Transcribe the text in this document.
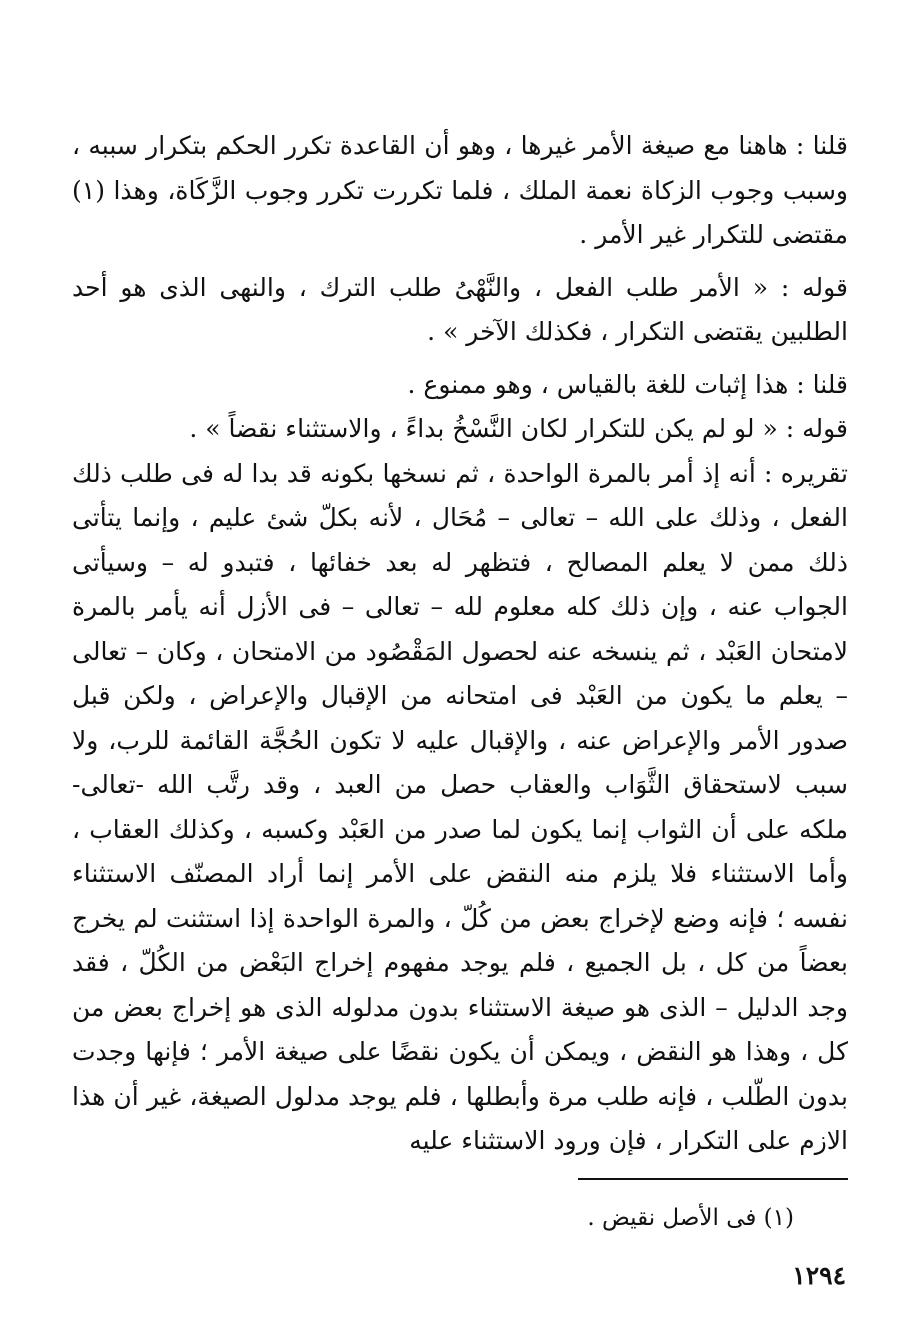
قلنا : هاهنا مع صيغة الأمر غيرها ، وهو أن القاعدة تكرر الحكم بتكرار سببه ، وسبب وجوب الزكاة نعمة الملك ، فلما تكررت تكرر وجوب الزَّكَاة، وهذا (١) مقتضى للتكرار غير الأمر .

قوله : « الأمر طلب الفعل ، والنَّهْىُ طلب الترك ، والنهى الذى هو أحد الطلبين يقتضى التكرار ، فكذلك الآخر » .

قلنا : هذا إثبات للغة بالقياس ، وهو ممنوع .

قوله : « لو لم يكن للتكرار لكان النَّسْخُ بداءً ، والاستثناء نقضاً » .

تقريره : أنه إذ أمر بالمرة الواحدة ، ثم نسخها بكونه قد بدا له فى طلب ذلك الفعل ، وذلك على الله – تعالى – مُحَال ، لأنه بكلّ شئ عليم ، وإنما يتأتى ذلك ممن لا يعلم المصالح ، فتظهر له بعد خفائها ، فتبدو له – وسيأتى الجواب عنه ، وإن ذلك كله معلوم لله – تعالى – فى الأزل أنه يأمر بالمرة لامتحان العَبْد ، ثم ينسخه عنه لحصول المَقْصُود من الامتحان ، وكان – تعالى – يعلم ما يكون من العَبْد فى امتحانه من الإقبال والإعراض ، ولكن قبل صدور الأمر والإعراض عنه ، والإقبال عليه لا تكون الحُجَّة القائمة للرب، ولا سبب لاستحقاق الثَّوَاب والعقاب حصل من العبد ، وقد رتَّب الله -تعالى- ملكه على أن الثواب إنما يكون لما صدر من العَبْد وكسبه ، وكذلك العقاب ، وأما الاستثناء فلا يلزم منه النقض على الأمر إنما أراد المصنّف الاستثناء نفسه ؛ فإنه وضع لإخراج بعض من كُلّ ، والمرة الواحدة إذا استثنت لم يخرج بعضاً من كل ، بل الجميع ، فلم يوجد مفهوم إخراج البَعْض من الكُلّ ، فقد وجد الدليل – الذى هو صيغة الاستثناء بدون مدلوله الذى هو إخراج بعض من كل ، وهذا هو النقض ، ويمكن أن يكون نقضًا على صيغة الأمر ؛ فإنها وجدت بدون الطّلب ، فإنه طلب مرة وأبطلها ، فلم يوجد مدلول الصيغة، غير أن هذا الازم على التكرار ، فإن ورود الاستثناء عليه

(١) فى الأصل نقيض .
١٢٩٤
